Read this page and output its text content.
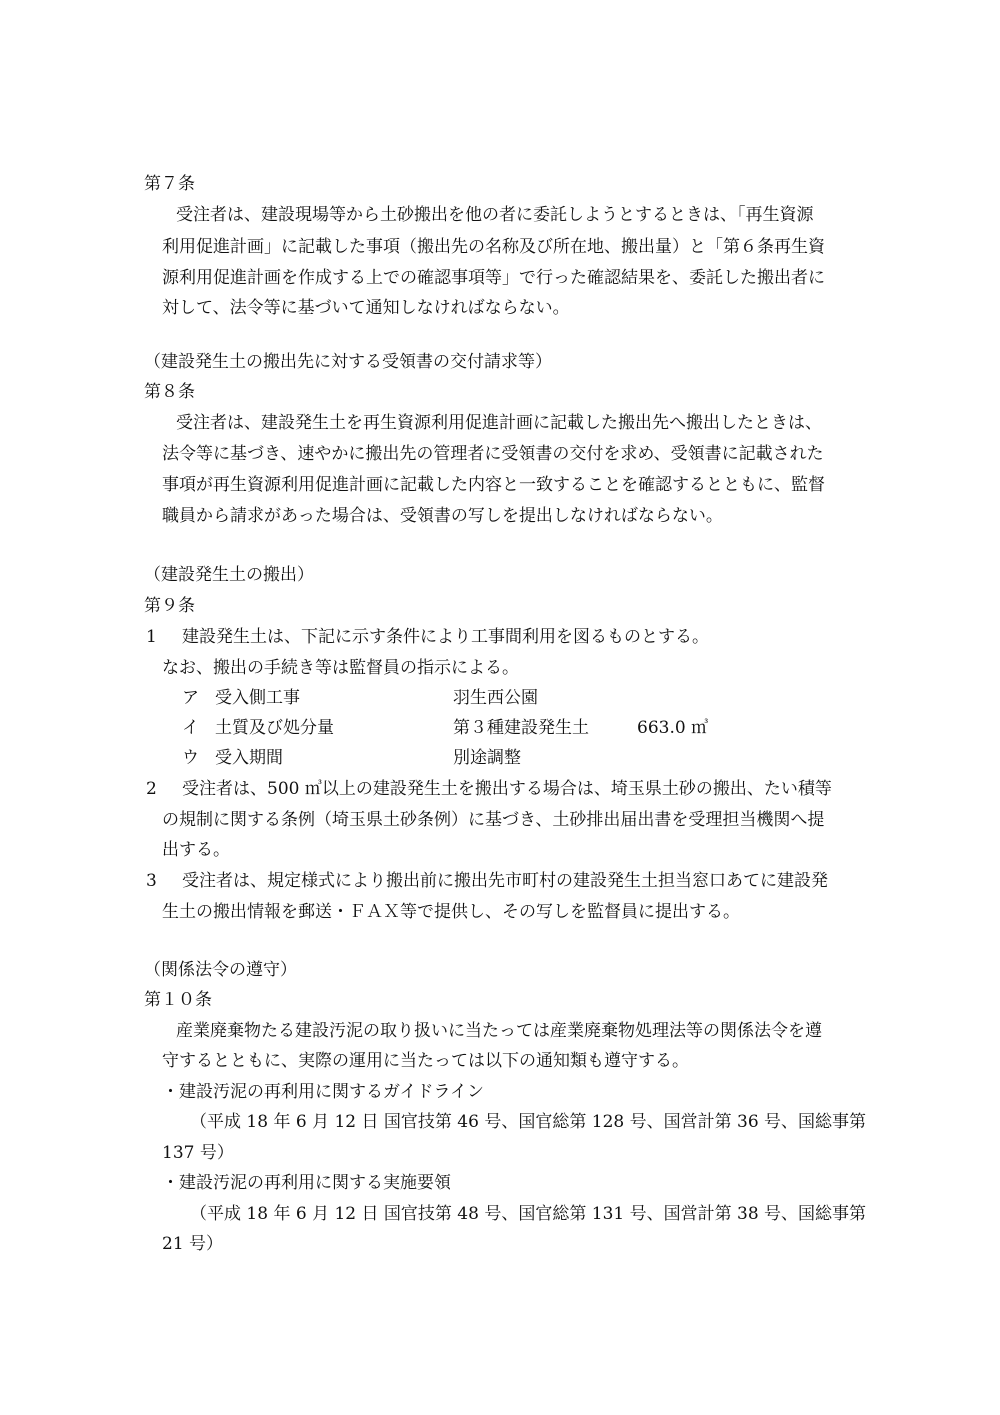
第７条
受注者は、建設現場等から土砂搬出を他の者に委託しようとするときは、「再生資源
利用促進計画」に記載した事項（搬出先の名称及び所在地、搬出量）と「第６条再生資
源利用促進計画を作成する上での確認事項等」で行った確認結果を、委託した搬出者に
対して、法令等に基づいて通知しなければならない。
（建設発生土の搬出先に対する受領書の交付請求等）
第８条
受注者は、建設発生土を再生資源利用促進計画に記載した搬出先へ搬出したときは、
法令等に基づき、速やかに搬出先の管理者に受領書の交付を求め、受領書に記載された
事項が再生資源利用促進計画に記載した内容と一致することを確認するとともに、監督
職員から請求があった場合は、受領書の写しを提出しなければならない。
（建設発生土の搬出）
第９条
1 建設発生土は、下記に示す条件により工事間利用を図るものとする。
なお、搬出の手続き等は監督員の指示による。
ア 受入側工事	羽生西公園
イ 土質及び処分量	第３種建設発生土	663.0 ㎥
ウ 受入期間	別途調整
2 受注者は、500 ㎥以上の建設発生土を搬出する場合は、埼玉県土砂の搬出、たい積等
の規制に関する条例（埼玉県土砂条例）に基づき、土砂排出届出書を受理担当機関へ提
出する。
3 受注者は、規定様式により搬出前に搬出先市町村の建設発生土担当窓口あてに建設発
生土の搬出情報を郵送・ＦＡＸ等で提供し、その写しを監督員に提出する。
（関係法令の遵守）
第１０条
産業廃棄物たる建設汚泥の取り扱いに当たっては産業廃棄物処理法等の関係法令を遵
守するとともに、実際の運用に当たっては以下の通知類も遵守する。
・建設汚泥の再利用に関するガイドライン
（平成 18 年 6 月 12 日 国官技第 46 号、国官総第 128 号、国営計第 36 号、国総事第
137 号）
・建設汚泥の再利用に関する実施要領
（平成 18 年 6 月 12 日 国官技第 48 号、国官総第 131 号、国営計第 38 号、国総事第
21 号）
